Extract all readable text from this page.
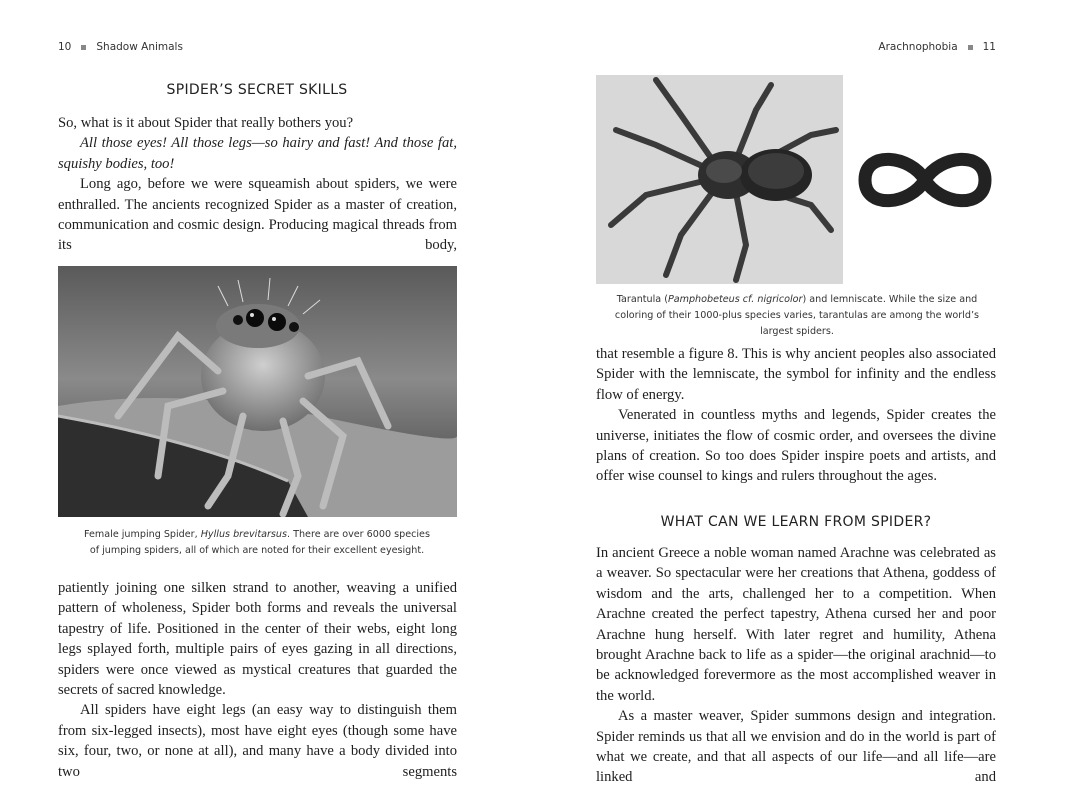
10 Shadow Animals
SPIDER’S SECRET SKILLS

So, what is it about Spider that really bothers you?

All those eyes! All those legs—so hairy and fast! And those fat, squishy bodies, too!

Long ago, before we were squeamish about spiders, we were enthralled. The ancients recognized Spider as a master of creation, communication and cosmic design. Producing magical threads from its body,

Female jumping Spider, Hyllus brevitarsus. There are over 6000 species of jumping spiders, all of which are noted for their excellent eyesight.

patiently joining one silken strand to another, weaving a unified pattern of wholeness, Spider both forms and reveals the universal tapestry of life. Positioned in the center of their webs, eight long legs splayed forth, multiple pairs of eyes gazing in all directions, spiders were once viewed as mystical creatures that guarded the secrets of sacred knowledge.

All spiders have eight legs (an easy way to distinguish them from six-legged insects), most have eight eyes (though some have six, four, two, or none at all), and many have a body divided into two segments

Arachnophobia 11
Tarantula (Pamphobeteus cf. nigricolor) and lemniscate. While the size and coloring of their 1000-plus species varies, tarantulas are among the world’s largest spiders.

that resemble a figure 8. This is why ancient peoples also associated Spider with the lemniscate, the symbol for infinity and the endless flow of energy.

Venerated in countless myths and legends, Spider creates the universe, initiates the flow of cosmic order, and oversees the divine plans of creation. So too does Spider inspire poets and artists, and offer wise counsel to kings and rulers throughout the ages.

WHAT CAN WE LEARN FROM SPIDER?

In ancient Greece a noble woman named Arachne was celebrated as a weaver. So spectacular were her creations that Athena, goddess of wisdom and the arts, challenged her to a competition. When Arachne created the perfect tapestry, Athena cursed her and poor Arachne hung herself. With later regret and humility, Athena brought Arachne back to life as a spider—the original arachnid—to be acknowledged forevermore as the most accomplished weaver in the world.

As a master weaver, Spider summons design and integration. Spider reminds us that all we envision and do in the world is part of what we create, and that all aspects of our life—and all life—are linked and
